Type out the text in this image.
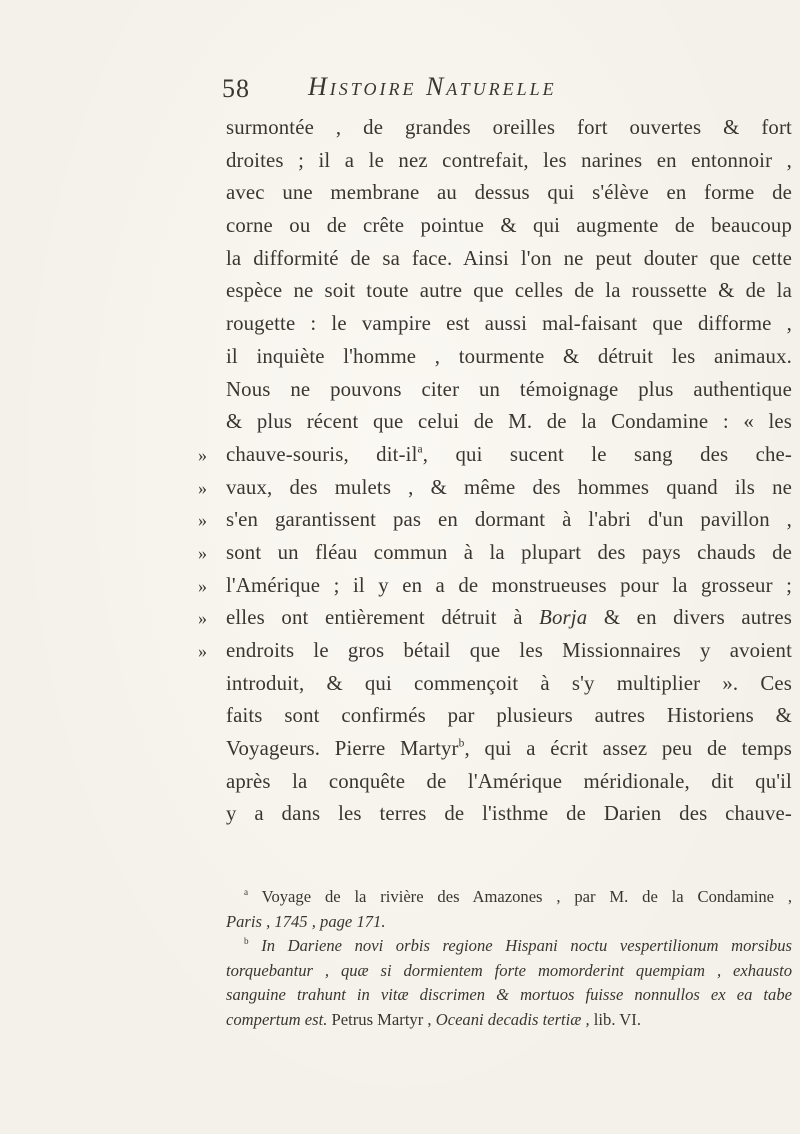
58 Histoire Naturelle
surmontée , de grandes oreilles fort ouvertes & fort
droites ; il a le nez contrefait, les narines en entonnoir ,
avec une membrane au dessus qui s'élève en forme de
corne ou de crête pointue & qui augmente de beaucoup
la difformité de sa face. Ainsi l'on ne peut douter que cette
espèce ne soit toute autre que celles de la roussette & de la
rougette : le vampire est aussi mal-faisant que difforme ,
il inquiète l'homme , tourmente & détruit les animaux.
Nous ne pouvons citer un témoignage plus authentique
& plus récent que celui de M. de la Condamine : « les
» chauve-souris, dit-$il^a$, qui sucent le sang des che-
» vaux, des mulets , & même des hommes quand ils ne
» s'en garantissent pas en dormant à l'abri d'un pavillon ,
» sont un fléau commun à la plupart des pays chauds de
» l'Amérique ; il y en a de monstrueuses pour la grosseur ;
» elles ont entièrement détruit à Borja & en divers autres
» endroits le gros bétail que les Missionnaires y avoient
introduit, & qui commençoit à s'y multiplier ». Ces
faits sont confirmés par plusieurs autres Historiens &
Voyageurs. Pierre Martyr$^b$, qui a écrit assez peu de temps
après la conquête de l'Amérique méridionale, dit qu'il
y a dans les terres de l'isthme de Darien des chauve-
$^a$ Voyage de la rivière des Amazones , par M. de la Condamine ,
Paris , 1745 , page 171.
$^b$ In Dariene novi orbis regione Hispani noctu vespertilionum morsibus
torquebantur , quæ si dormientem forte momorderint quempiam , exhausto
sanguine trahunt in vitæ discrimen & mortuos fuisse nonnullos ex ea tabe
compertum est. Petrus Martyr , Oceani decadis tertiæ , lib. VI.
